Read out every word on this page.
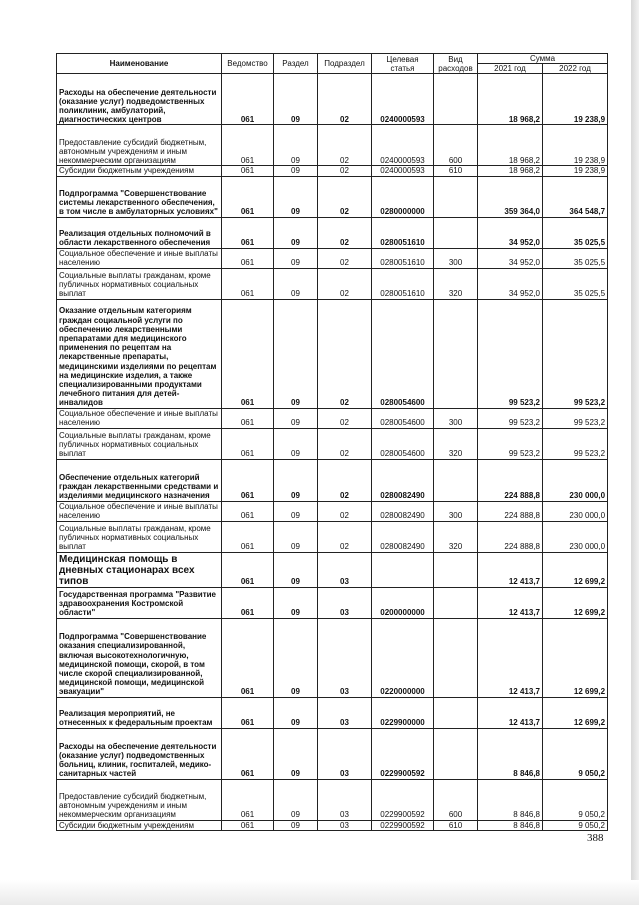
Наименование	Ведомство	Раздел	Подраздел	Целевая статья	Вид расходов	Сумма	
						2021 год	2022 год
Расходы на обеспечение деятельности (оказание услуг) подведомственных поликлиник, амбулаторий, диагностических центров	061	09	02	0240000593		18 968,2	19 238,9
Предоставление субсидий бюджетным, автономным учреждениям и иным некоммерческим организациям	061	09	02	0240000593	600	18 968,2	19 238,9
Субсидии бюджетным учреждениям	061	09	02	0240000593	610	18 968,2	19 238,9
Подпрограмма "Совершенствование системы лекарственного обеспечения, в том числе в амбулаторных условиях"	061	09	02	0280000000		359 364,0	364 548,7
Реализация отдельных полномочий в области лекарственного обеспечения	061	09	02	0280051610		34 952,0	35 025,5
Социальное обеспечение и иные выплаты населению	061	09	02	0280051610	300	34 952,0	35 025,5
Социальные выплаты гражданам, кроме публичных нормативных социальных выплат	061	09	02	0280051610	320	34 952,0	35 025,5
Оказание отдельным категориям граждан социальной услуги по обеспечению лекарственными препаратами для медицинского применения по рецептам на лекарственные препараты, медицинскими изделиями по рецептам на медицинские изделия, а также специализированными продуктами лечебного питания для детей-инвалидов	061	09	02	0280054600		99 523,2	99 523,2
Социальное обеспечение и иные выплаты населению	061	09	02	0280054600	300	99 523,2	99 523,2
Социальные выплаты гражданам, кроме публичных нормативных социальных выплат	061	09	02	0280054600	320	99 523,2	99 523,2
Обеспечение отдельных категорий граждан лекарственными средствами и изделиями медицинского назначения	061	09	02	0280082490		224 888,8	230 000,0
Социальное обеспечение и иные выплаты населению	061	09	02	0280082490	300	224 888,8	230 000,0
Социальные выплаты гражданам, кроме публичных нормативных социальных выплат	061	09	02	0280082490	320	224 888,8	230 000,0
Медицинская помощь в дневных стационарах всех типов	061	09	03			12 413,7	12 699,2
Государственная программа "Развитие здравоохранения Костромской области"	061	09	03	0200000000		12 413,7	12 699,2
Подпрограмма "Совершенствование оказания специализированной, включая высокотехнологичную, медицинской помощи, скорой, в том числе скорой специализированной, медицинской помощи, медицинской эвакуации"	061	09	03	0220000000		12 413,7	12 699,2
Реализация мероприятий, не отнесенных к федеральным проектам	061	09	03	0229900000		12 413,7	12 699,2
Расходы на обеспечение деятельности (оказание услуг) подведомственных больниц, клиник, госпиталей, медико-санитарных частей	061	09	03	0229900592		8 846,8	9 050,2
Предоставление субсидий бюджетным, автономным учреждениям и иным некоммерческим организациям	061	09	03	0229900592	600	8 846,8	9 050,2
Субсидии бюджетным учреждениям	061	09	03	0229900592	610	8 846,8	9 050,2
388
